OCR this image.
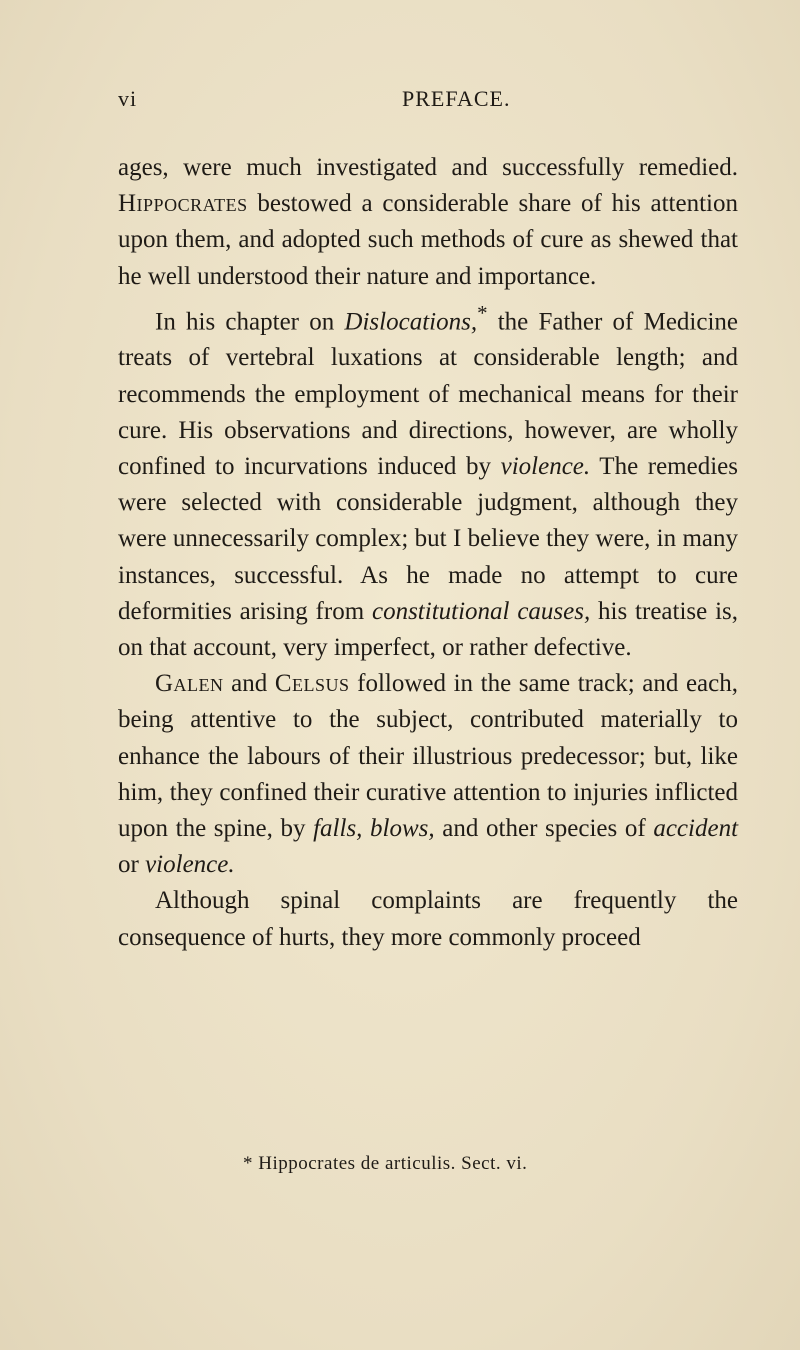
vi	PREFACE.

ages, were much investigated and successfully remedied. Hippocrates bestowed a considerable share of his attention upon them, and adopted such methods of cure as shewed that he well understood their nature and importance.

In his chapter on Dislocations,* the Father of Medicine treats of vertebral luxations at considerable length; and recommends the employment of mechanical means for their cure. His observations and directions, however, are wholly confined to incurvations induced by violence. The remedies were selected with considerable judgment, although they were unnecessarily complex; but I believe they were, in many instances, successful. As he made no attempt to cure deformities arising from constitutional causes, his treatise is, on that account, very imperfect, or rather defective.

Galen and Celsus followed in the same track; and each, being attentive to the subject, contributed materially to enhance the labours of their illustrious predecessor; but, like him, they confined their curative attention to injuries inflicted upon the spine, by falls, blows, and other species of accident or violence.

Although spinal complaints are frequently the consequence of hurts, they more commonly proceed

* Hippocrates de articulis. Sect. vi.
